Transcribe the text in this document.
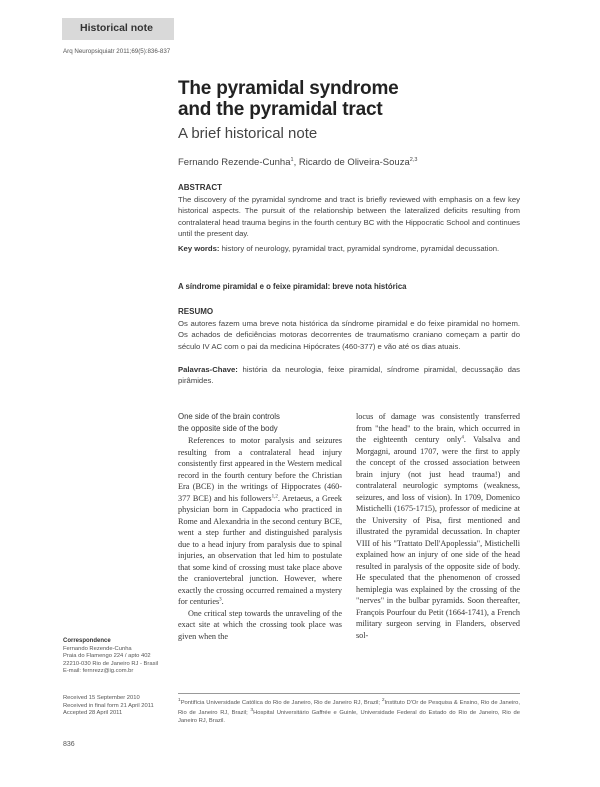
Historical note
Arq Neuropsiquiatr 2011;69(5):836-837
The pyramidal syndrome
and the pyramidal tract
A brief historical note
Fernando Rezende-Cunha$^1$, Ricardo de Oliveira-Souza$^{2,3}$
ABSTRACT
The discovery of the pyramidal syndrome and tract is briefly reviewed with emphasis on a few key historical aspects. The pursuit of the relationship between the lateralized deficits resulting from contralateral head trauma begins in the fourth century BC with the Hippocratic School and continues until the present day.
Key words: history of neurology, pyramidal tract, pyramidal syndrome, pyramidal decussation.
A síndrome piramidal e o feixe piramidal: breve nota histórica
RESUMO
Os autores fazem uma breve nota histórica da síndrome piramidal e do feixe piramidal no homem. Os achados de deficiências motoras decorrentes de traumatismo craniano começam a partir do século IV AC com o pai da medicina Hipócrates (460-377) e vão até os dias atuais.
Palavras-Chave: história da neurologia, feixe piramidal, síndrome piramidal, decussação das pirâmides.
One side of the brain controls
the opposite side of the body

References to motor paralysis and seizures resulting from a contralateral head injury consistently first appeared in the Western medical record in the fourth century before the Christian Era (BCE) in the writings of Hippocrates (460-377 BCE) and his followers$^{1,2}$. Aretaeus, a Greek physician born in Cappadocia who practiced in Rome and Alexandria in the second century BCE, went a step further and distinguished paralysis due to a head injury from paralysis due to spinal injuries, an observation that led him to postulate that some kind of crossing must take place above the craniovertebral junction. However, where exactly the crossing occurred remained a mystery for centuries$^3$.

One critical step towards the unraveling of the exact site at which the crossing took place was given when the

locus of damage was consistently transferred from "the head" to the brain, which occurred in the eighteenth century only$^4$. Valsalva and Morgagni, around 1707, were the first to apply the concept of the crossed association between brain injury (not just head trauma!) and contralateral neurologic symptoms (weakness, seizures, and loss of vision). In 1709, Domenico Mistichelli (1675-1715), professor of medicine at the University of Pisa, first mentioned and illustrated the pyramidal decussation. In chapter VIII of his "Trattato Dell'Apoplessia", Mistichelli explained how an injury of one side of the head resulted in paralysis of the opposite side of body. He speculated that the phenomenon of crossed hemiplegia was explained by the crossing of the "nerves" in the bulbar pyramids. Soon thereafter, François Pourfour du Petit (1664-1741), a French military surgeon serving in Flanders, observed sol-

Correspondence
Fernando Rezende-Cunha
Praia do Flamengo 224 / apto 402
22210-030 Rio de Janeiro RJ - Brasil
E-mail: fernrezz@ig.com.br
Received 15 September 2010
Received in final form 21 April 2011
Accepted 28 April 2011
$^1$Pontifícia Universidade Católica do Rio de Janeiro, Rio de Janeiro RJ, Brazil; $^2$Instituto D'Or de Pesquisa & Ensino, Rio de Janeiro, Rio de Janeiro RJ, Brazil; $^3$Hospital Universitário Gaffrée e Guinle, Universidade Federal do Estado do Rio de Janeiro, Rio de Janeiro RJ, Brazil.
836
